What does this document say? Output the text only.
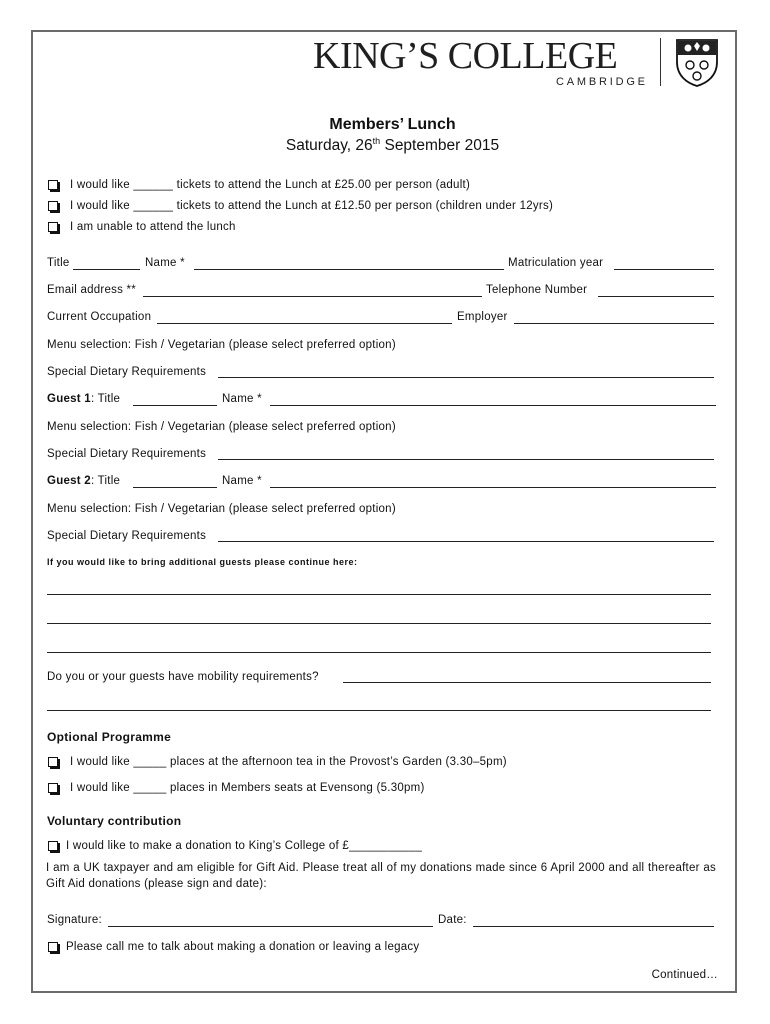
KING’S COLLEGE
CAMBRIDGE
Members’ Lunch
Saturday, 26th September 2015
I would like ______ tickets to attend the Lunch at £25.00 per person (adult)
I would like ______ tickets to attend the Lunch at £12.50 per person (children under 12yrs)
I am unable to attend the lunch
Title	Name *	Matriculation year
Email address **	Telephone Number
Current Occupation	Employer
Menu selection: Fish / Vegetarian (please select preferred option)
Special Dietary Requirements
Guest 1: Title	Name *
Menu selection: Fish / Vegetarian (please select preferred option)
Special Dietary Requirements
Guest 2: Title	Name *
Menu selection: Fish / Vegetarian (please select preferred option)
Special Dietary Requirements
If you would like to bring additional guests please continue here:
Do you or your guests have mobility requirements?
Optional Programme
I would like _____ places at the afternoon tea in the Provost’s Garden (3.30–5pm)
I would like _____ places in Members seats at Evensong (5.30pm)
Voluntary contribution
I would like to make a donation to King’s College of £___________
I am a UK taxpayer and am eligible for Gift Aid. Please treat all of my donations made since 6 April 2000 and all thereafter as Gift Aid donations (please sign and date):
Signature:	Date:
Please call me to talk about making a donation or leaving a legacy
Continued…
